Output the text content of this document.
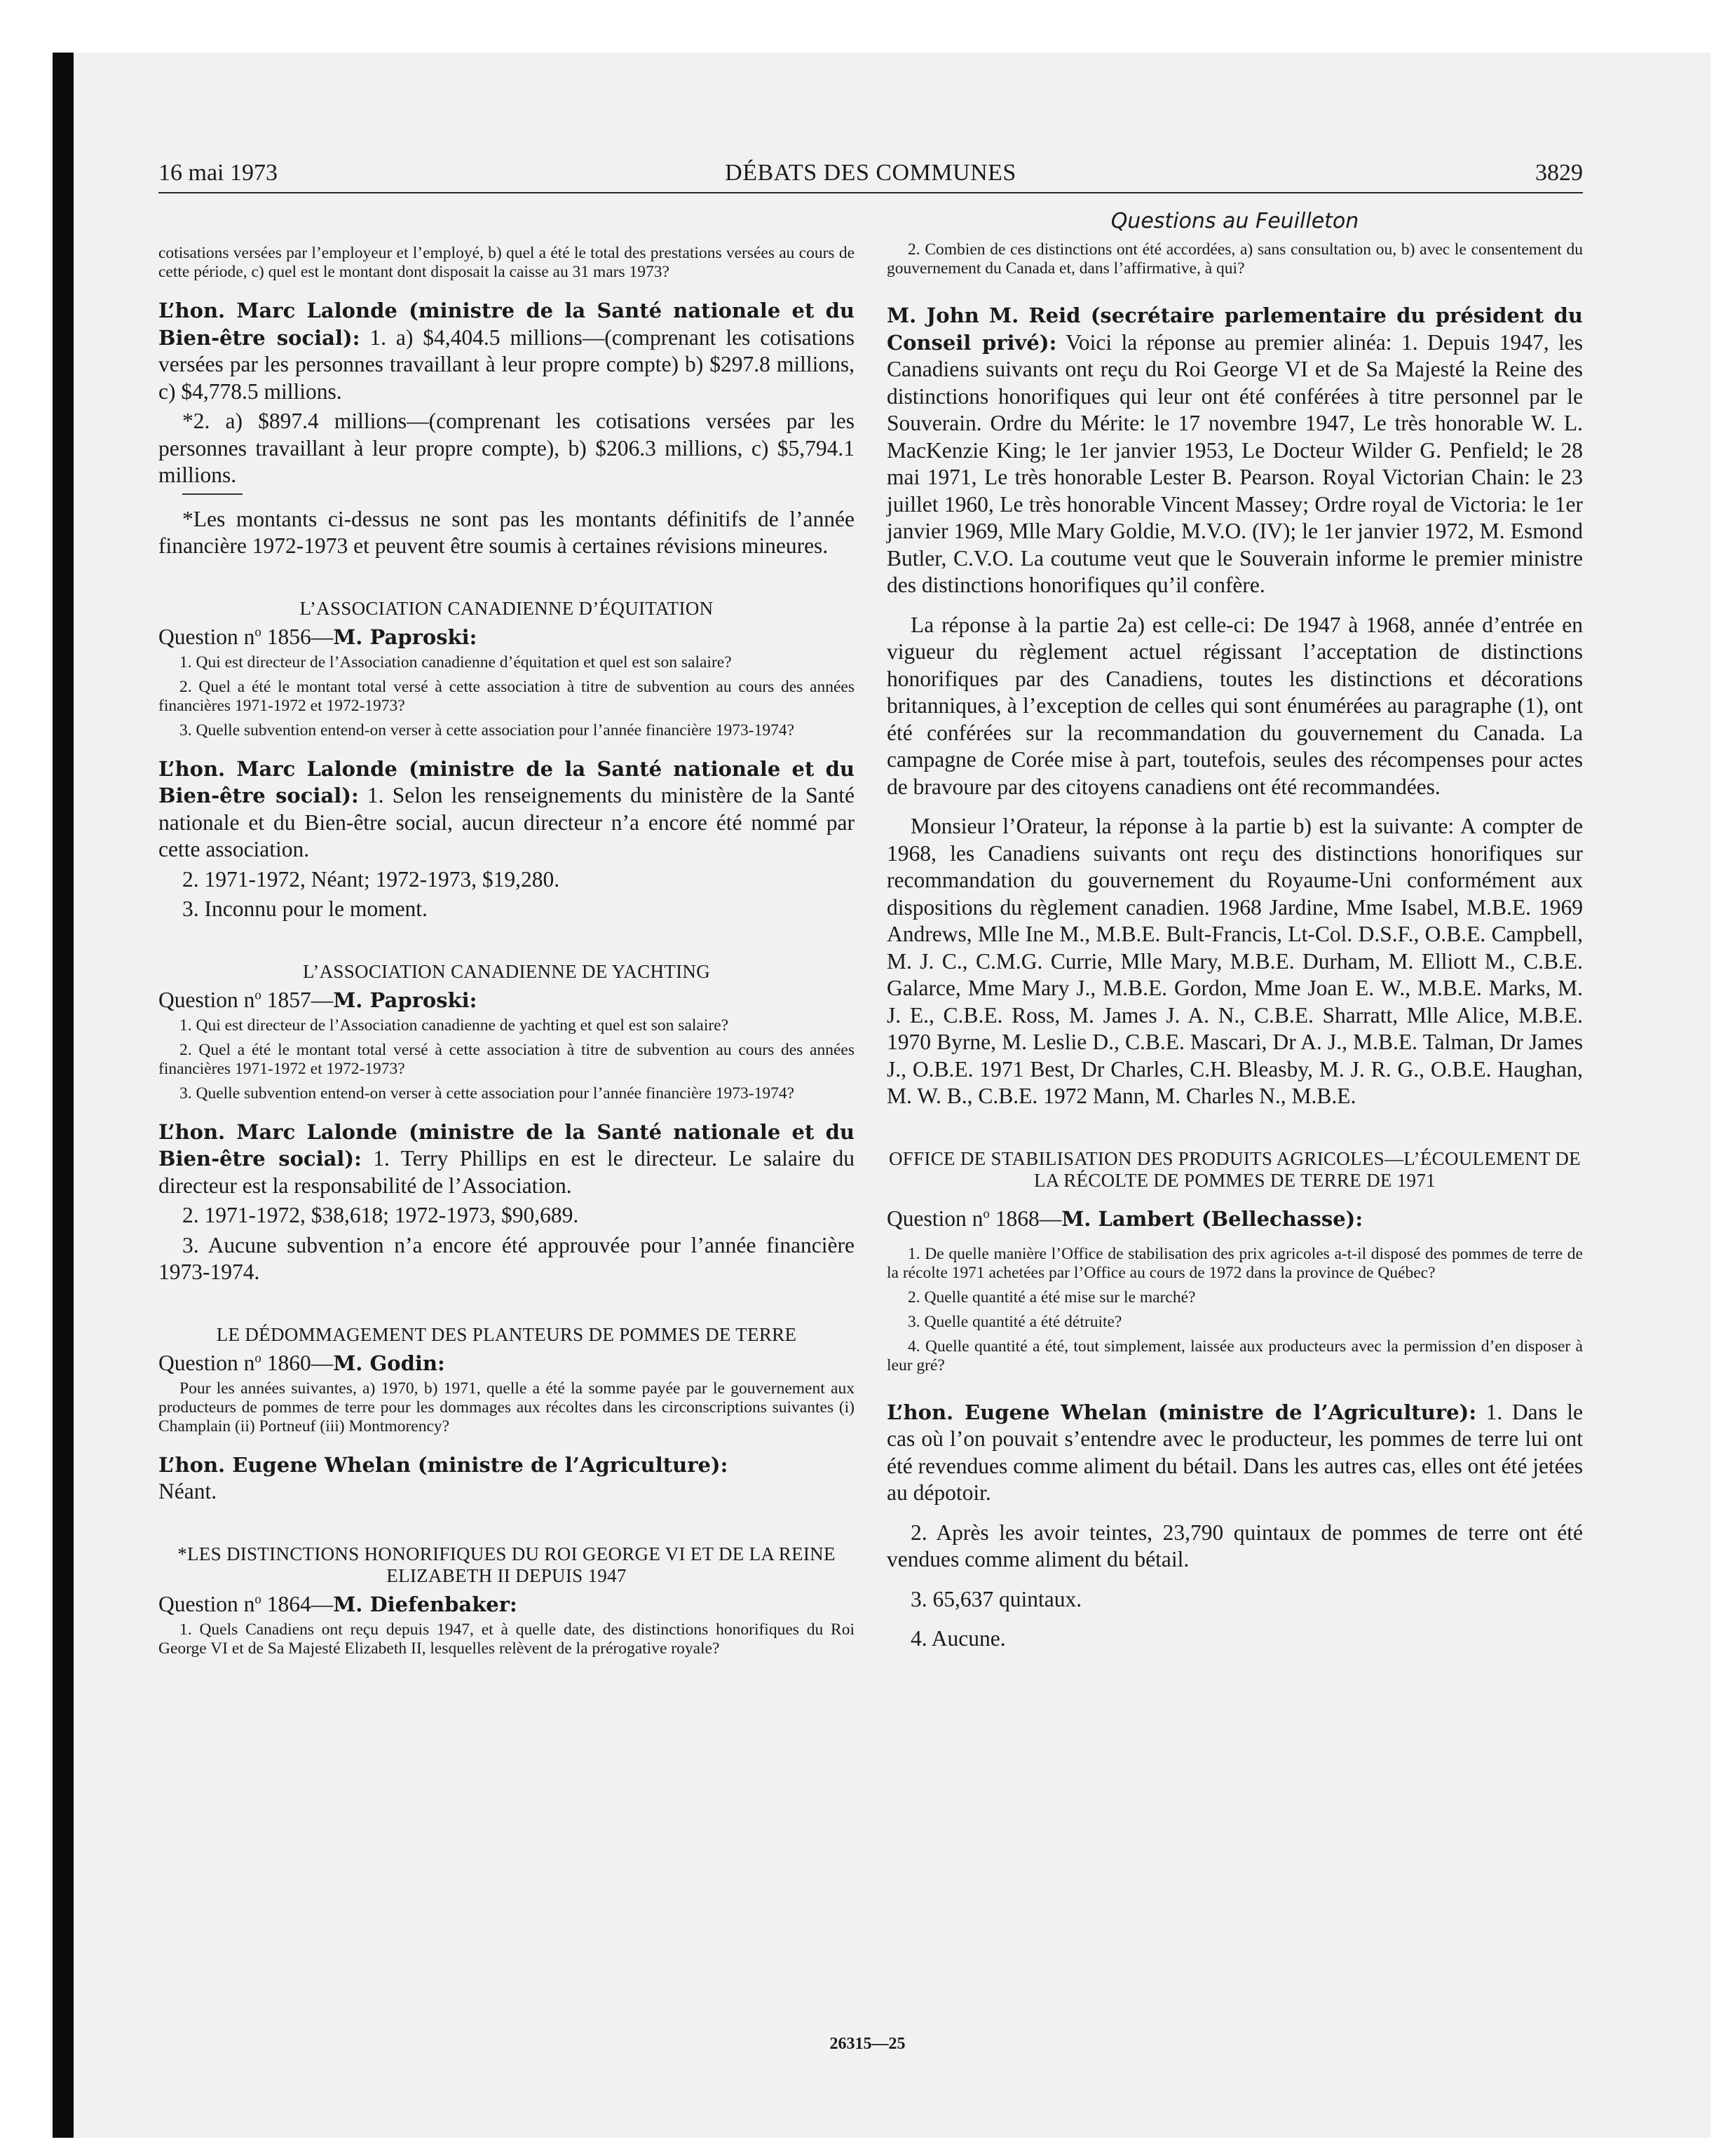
16 mai 1973	DÉBATS DES COMMUNES	3829

cotisations versées par l’employeur et l’employé, b) quel a été le total des prestations versées au cours de cette période, c) quel est le montant dont disposait la caisse au 31 mars 1973?

L’hon. Marc Lalonde (ministre de la Santé nationale et du Bien-être social): 1. a) $4,404.5 millions—(comprenant les cotisations versées par les personnes travaillant à leur propre compte) b) $297.8 millions, c) $4,778.5 millions.

*2. a) $897.4 millions—(comprenant les cotisations versées par les personnes travaillant à leur propre compte), b) $206.3 millions, c) $5,794.1 millions.

*Les montants ci-dessus ne sont pas les montants définitifs de l’année financière 1972-1973 et peuvent être soumis à certaines révisions mineures.

L’ASSOCIATION CANADIENNE D’ÉQUITATION
Question $n^o$ 1856—M. Paproski:

1. Qui est directeur de l’Association canadienne d’équitation et quel est son salaire?

2. Quel a été le montant total versé à cette association à titre de subvention au cours des années financières 1971-1972 et 1972-1973?

3. Quelle subvention entend-on verser à cette association pour l’année financière 1973-1974?

L’hon. Marc Lalonde (ministre de la Santé nationale et du Bien-être social): 1. Selon les renseignements du ministère de la Santé nationale et du Bien-être social, aucun directeur n’a encore été nommé par cette association.

2. 1971-1972, Néant; 1972-1973, $19,280.

3. Inconnu pour le moment.

L’ASSOCIATION CANADIENNE DE YACHTING
Question $n^o$ 1857—M. Paproski:

1. Qui est directeur de l’Association canadienne de yachting et quel est son salaire?

2. Quel a été le montant total versé à cette association à titre de subvention au cours des années financières 1971-1972 et 1972-1973?

3. Quelle subvention entend-on verser à cette association pour l’année financière 1973-1974?

L’hon. Marc Lalonde (ministre de la Santé nationale et du Bien-être social): 1. Terry Phillips en est le directeur. Le salaire du directeur est la responsabilité de l’Association.

2. 1971-1972, $38,618; 1972-1973, $90,689.

3. Aucune subvention n’a encore été approuvée pour l’année financière 1973-1974.

LE DÉDOMMAGEMENT DES PLANTEURS DE POMMES DE TERRE
Question $n^o$ 1860—M. Godin:

Pour les années suivantes, a) 1970, b) 1971, quelle a été la somme payée par le gouvernement aux producteurs de pommes de terre pour les dommages aux récoltes dans les circonscriptions suivantes (i) Champlain (ii) Portneuf (iii) Montmorency?

L’hon. Eugene Whelan (ministre de l’Agriculture):
Néant.

*LES DISTINCTIONS HONORIFIQUES DU ROI GEORGE VI ET DE LA REINE ELIZABETH II DEPUIS 1947
Question $n^o$ 1864—M. Diefenbaker:

1. Quels Canadiens ont reçu depuis 1947, et à quelle date, des distinctions honorifiques du Roi George VI et de Sa Majesté Elizabeth II, lesquelles relèvent de la prérogative royale?

Questions au Feuilleton

2. Combien de ces distinctions ont été accordées, a) sans consultation ou, b) avec le consentement du gouvernement du Canada et, dans l’affirmative, à qui?

M. John M. Reid (secrétaire parlementaire du président du Conseil privé): Voici la réponse au premier alinéa: 1. Depuis 1947, les Canadiens suivants ont reçu du Roi George VI et de Sa Majesté la Reine des distinctions honorifiques qui leur ont été conférées à titre personnel par le Souverain. Ordre du Mérite: le 17 novembre 1947, Le très honorable W. L. MacKenzie King; le 1er janvier 1953, Le Docteur Wilder G. Penfield; le 28 mai 1971, Le très honorable Lester B. Pearson. Royal Victorian Chain: le 23 juillet 1960, Le très honorable Vincent Massey; Ordre royal de Victoria: le 1er janvier 1969, Mlle Mary Goldie, M.V.O. (IV); le 1er janvier 1972, M. Esmond Butler, C.V.O. La coutume veut que le Souverain informe le premier ministre des distinctions honorifiques qu’il confère.

La réponse à la partie 2a) est celle-ci: De 1947 à 1968, année d’entrée en vigueur du règlement actuel régissant l’acceptation de distinctions honorifiques par des Canadiens, toutes les distinctions et décorations britanniques, à l’exception de celles qui sont énumérées au paragraphe (1), ont été conférées sur la recommandation du gouvernement du Canada. La campagne de Corée mise à part, toutefois, seules des récompenses pour actes de bravoure par des citoyens canadiens ont été recommandées.

Monsieur l’Orateur, la réponse à la partie b) est la suivante: A compter de 1968, les Canadiens suivants ont reçu des distinctions honorifiques sur recommandation du gouvernement du Royaume-Uni conformément aux dispositions du règlement canadien. 1968 Jardine, Mme Isabel, M.B.E. 1969 Andrews, Mlle Ine M., M.B.E. Bult-Francis, Lt-Col. D.S.F., O.B.E. Campbell, M. J. C., C.M.G. Currie, Mlle Mary, M.B.E. Durham, M. Elliott M., C.B.E. Galarce, Mme Mary J., M.B.E. Gordon, Mme Joan E. W., M.B.E. Marks, M. J. E., C.B.E. Ross, M. James J. A. N., C.B.E. Sharratt, Mlle Alice, M.B.E. 1970 Byrne, M. Leslie D., C.B.E. Mascari, Dr A. J., M.B.E. Talman, Dr James J., O.B.E. 1971 Best, Dr Charles, C.H. Bleasby, M. J. R. G., O.B.E. Haughan, M. W. B., C.B.E. 1972 Mann, M. Charles N., M.B.E.

OFFICE DE STABILISATION DES PRODUITS AGRICOLES—L’ÉCOULEMENT DE LA RÉCOLTE DE POMMES DE TERRE DE 1971
Question $n^o$ 1868—M. Lambert (Bellechasse):

1. De quelle manière l’Office de stabilisation des prix agricoles a-t-il disposé des pommes de terre de la récolte 1971 achetées par l’Office au cours de 1972 dans la province de Québec?

2. Quelle quantité a été mise sur le marché?

3. Quelle quantité a été détruite?

4. Quelle quantité a été, tout simplement, laissée aux producteurs avec la permission d’en disposer à leur gré?

L’hon. Eugene Whelan (ministre de l’Agriculture): 1. Dans le cas où l’on pouvait s’entendre avec le producteur, les pommes de terre lui ont été revendues comme aliment du bétail. Dans les autres cas, elles ont été jetées au dépotoir.

2. Après les avoir teintes, 23,790 quintaux de pommes de terre ont été vendues comme aliment du bétail.

3. 65,637 quintaux.

4. Aucune.

26315—25
